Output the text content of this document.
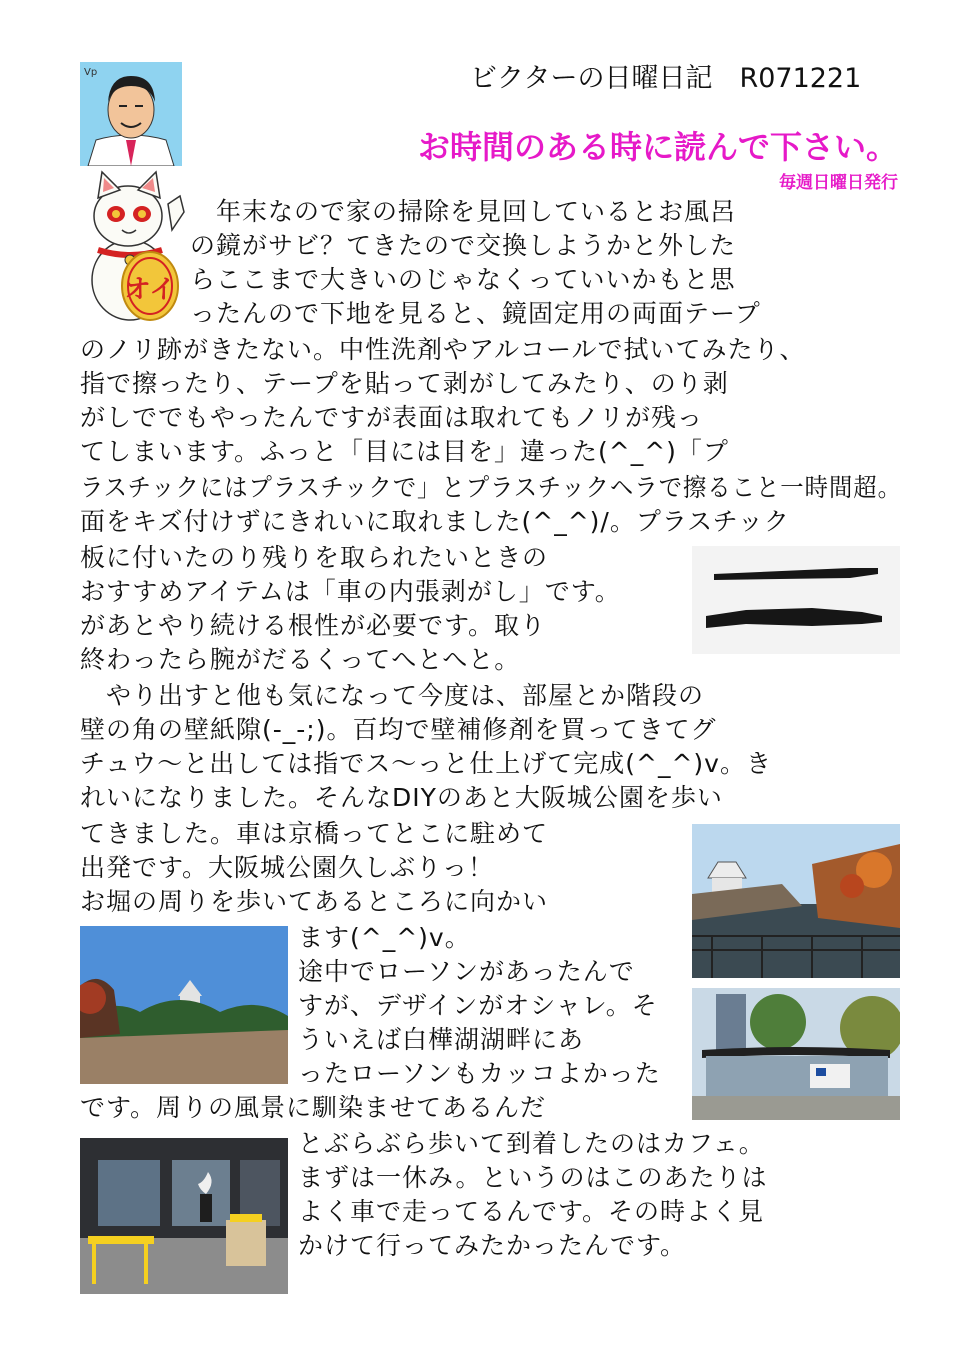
ビクターの日曜日記　R071221
お時間のある時に読んで下さい。
毎週日曜日発行
Vp
オイ
　年末なので家の掃除を見回しているとお風呂
の鏡がサビ？てきたので交換しようかと外した
らここまで大きいのじゃなくっていいかもと思
ったんので下地を見ると、鏡固定用の両面テープ
のノリ跡がきたない。中性洗剤やアルコールで拭いてみたり、
指で擦ったり、テープを貼って剥がしてみたり、のり剥
がしででもやったんですが表面は取れてもノリが残っ
てしまいます。ふっと「目には目を」違った(^_^)「プ
ラスチックにはプラスチックで」とプラスチックヘラで擦ること一時間超。
面をキズ付けずにきれいに取れました(^_^)/。プラスチック
板に付いたのり残りを取られたいときの
おすすめアイテムは「車の内張剥がし」です。
があとやり続ける根性が必要です。取り
終わったら腕がだるくってへとへと。
　やり出すと他も気になって今度は、部屋とか階段の
壁の角の壁紙隙(-_-;)。百均で壁補修剤を買ってきてグ
チュウ〜と出しては指でス〜っと仕上げて完成(^_^)v。き
れいになりました。そんなDIYのあと大阪城公園を歩い
てきました。車は京橋ってとこに駐めて
出発です。大阪城公園久しぶりっ！
お堀の周りを歩いてあるところに向かい
ます(^_^)v。
途中でローソンがあったんで
すが、デザインがオシャレ。そ
ういえば白樺湖湖畔にあ
ったローソンもカッコよかった
です。周りの風景に馴染ませてあるんだ
とぶらぶら歩いて到着したのはカフェ。
まずは一休み。というのはこのあたりは
よく車で走ってるんです。その時よく見
かけて行ってみたかったんです。
